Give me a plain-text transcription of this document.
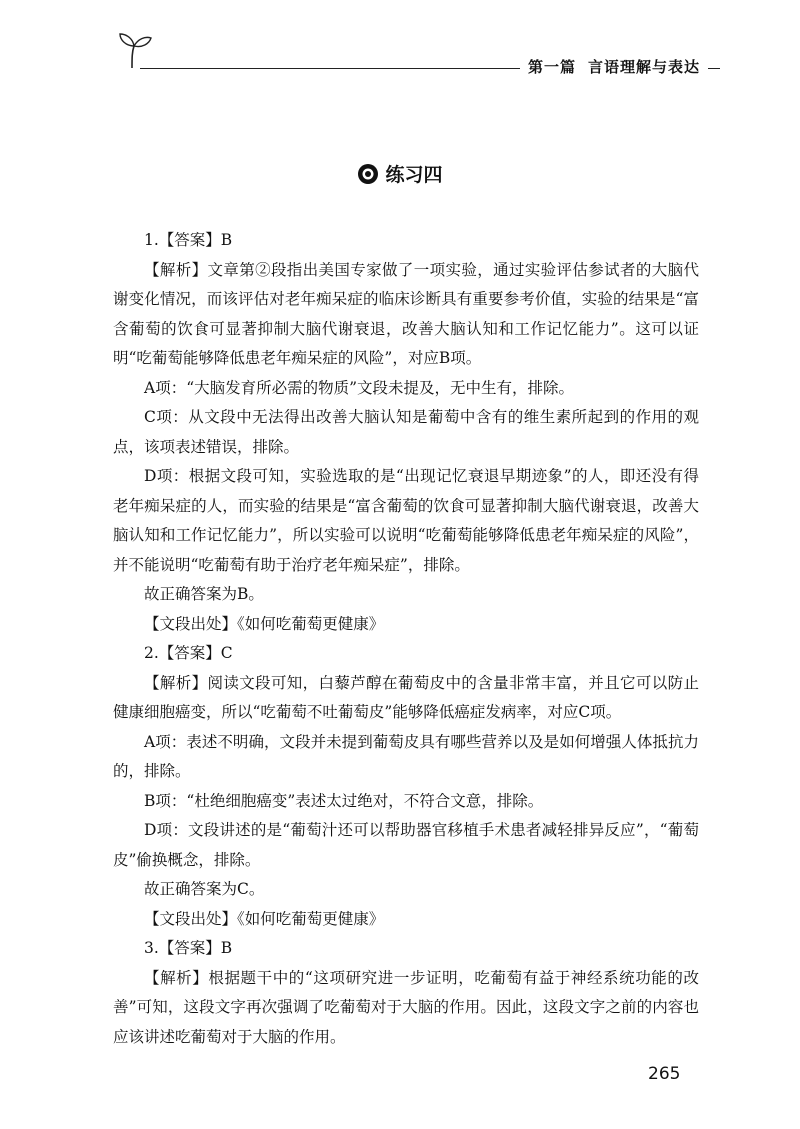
第一篇 言语理解与表达
练习四

1.【答案】B

【解析】文章第②段指出美国专家做了一项实验，通过实验评估参试者的大脑代谢变化情况，而该评估对老年痴呆症的临床诊断具有重要参考价值，实验的结果是“富含葡萄的饮食可显著抑制大脑代谢衰退，改善大脑认知和工作记忆能力”。这可以证明“吃葡萄能够降低患老年痴呆症的风险”，对应B项。

A项：“大脑发育所必需的物质”文段未提及，无中生有，排除。

C项：从文段中无法得出改善大脑认知是葡萄中含有的维生素所起到的作用的观点，该项表述错误，排除。

D项：根据文段可知，实验选取的是“出现记忆衰退早期迹象”的人，即还没有得老年痴呆症的人，而实验的结果是“富含葡萄的饮食可显著抑制大脑代谢衰退，改善大脑认知和工作记忆能力”，所以实验可以说明“吃葡萄能够降低患老年痴呆症的风险”，并不能说明“吃葡萄有助于治疗老年痴呆症”，排除。

故正确答案为B。

【文段出处】《如何吃葡萄更健康》

2.【答案】C

【解析】阅读文段可知，白藜芦醇在葡萄皮中的含量非常丰富，并且它可以防止健康细胞癌变，所以“吃葡萄不吐葡萄皮”能够降低癌症发病率，对应C项。

A项：表述不明确，文段并未提到葡萄皮具有哪些营养以及是如何增强人体抵抗力的，排除。

B项：“杜绝细胞癌变”表述太过绝对，不符合文意，排除。

D项：文段讲述的是“葡萄汁还可以帮助器官移植手术患者减轻排异反应”，“葡萄皮”偷换概念，排除。

故正确答案为C。

【文段出处】《如何吃葡萄更健康》

3.【答案】B

【解析】根据题干中的“这项研究进一步证明，吃葡萄有益于神经系统功能的改善”可知，这段文字再次强调了吃葡萄对于大脑的作用。因此，这段文字之前的内容也应该讲述吃葡萄对于大脑的作用。

265
